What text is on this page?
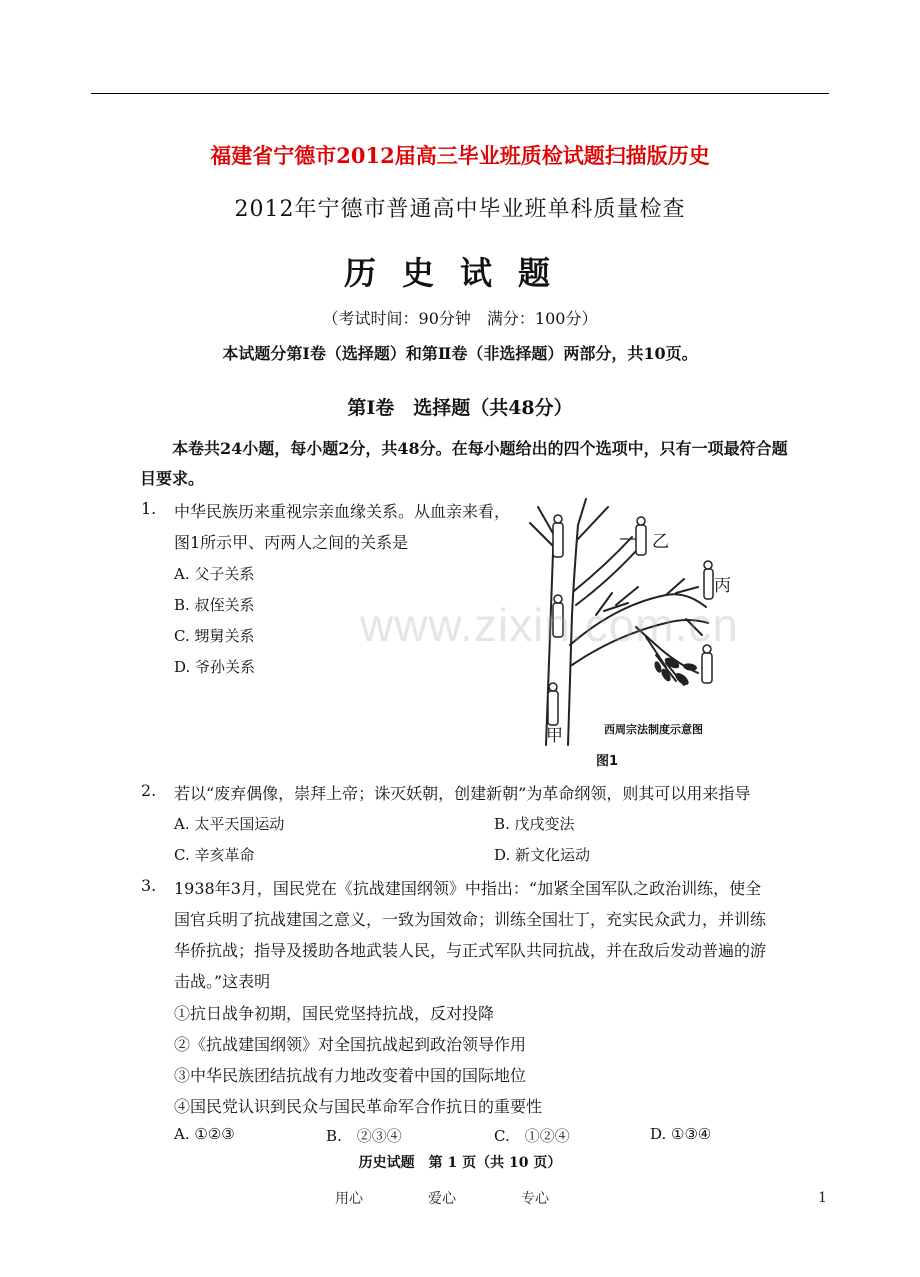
福建省宁德市2012届高三毕业班质检试题扫描版历史
2012年宁德市普通高中毕业班单科质量检查
历史试题
（考试时间：90分钟　满分：100分）
本试题分第Ⅰ卷（选择题）和第Ⅱ卷（非选择题）两部分，共10页。
第Ⅰ卷　选择题（共48分）
本卷共24小题，每小题2分，共48分。在每小题给出的四个选项中，只有一项最符合题目要求。
1. 中华民族历来重视宗亲血缘关系。从血亲来看，
图1所示甲、丙两人之间的关系是
A. 父子关系
B. 叔侄关系
C. 甥舅关系
D. 爷孙关系
乙
丙
甲	西周宗法制度示意图
图1
2. 若以“废弃偶像，崇拜上帝；诛灭妖朝，创建新朝”为革命纲领，则其可以用来指导
A. 太平天国运动	B. 戊戌变法
C. 辛亥革命	D. 新文化运动
3. 1938年3月，国民党在《抗战建国纲领》中指出：“加紧全国军队之政治训练，使全
国官兵明了抗战建国之意义，一致为国效命；训练全国壮丁，充实民众武力，并训练
华侨抗战；指导及援助各地武装人民，与正式军队共同抗战，并在敌后发动普遍的游
击战。”这表明
①抗日战争初期，国民党坚持抗战，反对投降
②《抗战建国纲领》对全国抗战起到政治领导作用
③中华民族团结抗战有力地改变着中国的国际地位
④国民党认识到民众与国民革命军合作抗日的重要性
A. ①②③	B.　②③④	C.　①②④	D. ①③④
www.zixin.com.cn
历史试题　第 1 页（共 10 页）
用心	爱心	专心	1
